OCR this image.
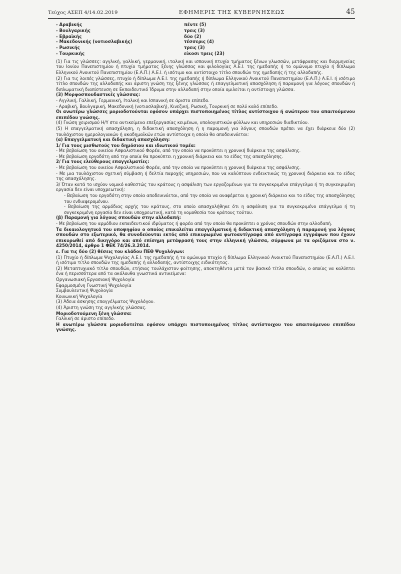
Τεύχος ΑΣΕΠ 4/14.02.2019	ΕΦΗΜΕΡΙΣ ΤΗΣ ΚΥΒΕΡΝΗΣΕΩΣ	45
- Αραβικής	πέντε (5)
- Βουλγαρικής	τρεις (3)
- Εβραϊκής	δύο (2)
- Μακεδονικής (νοτιοσλαβικής)	τέσσερις (4)
- Ρωσικής	τρεις (3)
- Τουρκικής	είκοσι τρεις (23)

(1) Για τις γλώσσες: αγγλική, γαλλική, γερμανική, ιταλική και ισπανική πτυχίο τμήματος ξένων γλωσσών, μετάφρασης και διερμηνείας του Ιονίου Πανεπιστημίου ή πτυχίο τμήματος ξένης γλώσσας και φιλολογίας Α.Ε.Ι. της ημεδαπής ή το ομώνυμο πτυχίο ή δίπλωμα Ελληνικού Ανοικτού Πανεπιστημίου (Ε.Α.Π.) Α.Ε.Ι. ή ισότιμο και αντίστοιχο τίτλο σπουδών της ημεδαπής ή της αλλοδαπής.

(2) Για τις λοιπές γλώσσες, πτυχίο ή δίπλωμα Α.Ε.Ι. της ημεδαπής ή δίπλωμα Ελληνικού Ανοικτού Πανεπιστημίου (Ε.Α.Π.) Α.Ε.Ι. ή ισότιμο τίτλο σπουδών της αλλοδαπής και άριστη γνώση της ξένης γλώσσας ή επαγγελματική απασχόληση ή παραμονή για λόγους σπουδών ή διπλωματική διαπίστευση σε Εκπαιδευτικό Ίδρυμα στην αλλοδαπή στην οποία ομιλείται η αντίστοιχη γλώσσα.

(3) Μορφοσπουδαστικές γλώσσας:

- Αγγλική, Γαλλική, Γερμανική, Ιταλική και Ισπανική σε άριστο επίπεδο.

- Αραβική, Βουλγαρική, Μακεδονική (νοτιοσλαβική), Κινεζική, Ρωσική, Τουρκική σε πολύ καλό επίπεδο.

Οι ανωτέρω γλώσσες μοριοδοτούνται εφόσον υπάρχει πιστοποιημένος τίτλος αντίστοιχου ή ανώτερου του απαιτούμενου επιπέδου γνώσης.

(4) Γνώση χειρισμού Η/Υ στα αντικείμενα επεξεργασίας κειμένων, υπολογιστικών φύλλων και υπηρεσιών διαδικτύου.

(5) Η επαγγελματική απασχόληση, η διδακτική απασχόληση ή η παραμονή για λόγους σπουδών πρέπει να έχει διάρκεια δύο (2) τουλάχιστον ημερολογιακών ή ακαδημαϊκών ετών αντίστοιχα η οποία θα αποδεικνύεται:

(α) Επαγγελματική και διδακτική απασχόληση:

1/ Για τους μισθωτούς του δημόσιου και ιδιωτικού τομέα:

- Με βεβαίωση του οικείου Ασφαλιστικού Φορέα, από την οποία να προκύπτει η χρονική διάρκεια της ασφάλισης.

- Με βεβαίωση εργοδότη από την οποία θα προκύπτει η χρονική διάρκεια και το είδος της απασχόλησης.

2/ Για τους ελεύθερους επαγγελματίες:

- Με βεβαίωση του οικείου Ασφαλιστικού Φορέα, από την οποία να προκύπτει η χρονική διάρκεια της ασφάλισης.

- Με μια τουλάχιστον σχετική σύμβαση ή δελτία παροχής υπηρεσιών, που να καλύπτουν ενδεικτικώς τη χρονική διάρκεια και το είδος της απασχόλησης.

3/ Όταν κατά το ισχύον νομικό καθεστώς του κράτους η ασφάλιση των εργαζομένων για το συγκεκριμένο επάγγελμα ή τη συγκεκριμένη εργασία δεν είναι υποχρεωτική:

- Βεβαίωση του εργοδότη στην οποία αποδεικνύεται, από την οποία να αναφέρεται η χρονική διάρκεια και το είδος της απασχόλησης του ενδιαφερομένου.

- Βεβαίωση της αρμόδιας αρχής του κράτους, στο οποίο απασχολήθηκε ότι η ασφάλιση για το συγκεκριμένο επάγγελμα ή τη συγκεκριμένη εργασία δεν είναι υποχρεωτική, κατά τη νομοθεσία του κράτους τούτου.

(β) Παραμονή για λόγους σπουδών στην αλλοδαπή:

- Με βεβαίωση του αρμόδιου εκπαιδευτικού ιδρύματος ή φορέα από την οποία θα προκύπτει ο χρόνος σπουδών στην αλλοδαπή.

Τα δικαιολογητικά του υποψηφίου ο οποίος επικαλείται επαγγελματική ή διδακτική απασχόληση ή παραμονή για λόγους σπουδών στο εξωτερικό, θα συνοδεύονται εκτός από επικυρωμένα φωτοαντίγραφα από αντίγραφα εγγράφων που έχουν επικυρωθεί από δικηγόρο και από επίσημη μετάφρασή τους στην ελληνική γλώσσα, σύμφωνα με τα οριζόμενα στο ν. 4250/2014, άρθρο 1 ΦΕΚ 74/26.3.2014.

ε. Για τις δύο (2) θέσεις του κλάδου ΠΕΘ Ψυχολόγων:

(1) Πτυχίο ή δίπλωμα Ψυχολογίας Α.Ε.Ι. της ημεδαπής ή το ομώνυμο πτυχίο ή δίπλωμα Ελληνικού Ανοικτού Πανεπιστημίου (Ε.Α.Π.) Α.Ε.Ι. ή ισότιμο τίτλο σπουδών της ημεδαπής ή αλλοδαπής, αντίστοιχης ειδικότητας.

(2) Μεταπτυχιακό τίτλο σπουδών, ετήσιας τουλάχιστον φοίτησης, αποκτηθέντα μετά τον βασικό τίτλο σπουδών, ο οποίος να καλύπτει ένα ή περισσότερα από τα ακόλουθα γνωστικά αντικείμενα:

Οργανωσιακή Εργασιακή Ψυχολογία

Εφαρμοσμένη Γνωστική Ψυχολογία

Συμβουλευτική Ψυχολογία

Κοινωνική Ψυχολογία

(3) Άδεια άσκησης επαγγέλματος Ψυχολόγου.

(4) Άριστη γνώση της αγγλικής γλώσσας.

Μοριοδοτούμενη ξένη γλώσσα:

Γαλλική σε άριστο επίπεδο.

Η ανωτέρω γλώσσα μοριοδοτείται εφόσον υπάρχει πιστοποιημένος τίτλος αντίστοιχου του απαιτούμενου επιπέδου γνώσης.
